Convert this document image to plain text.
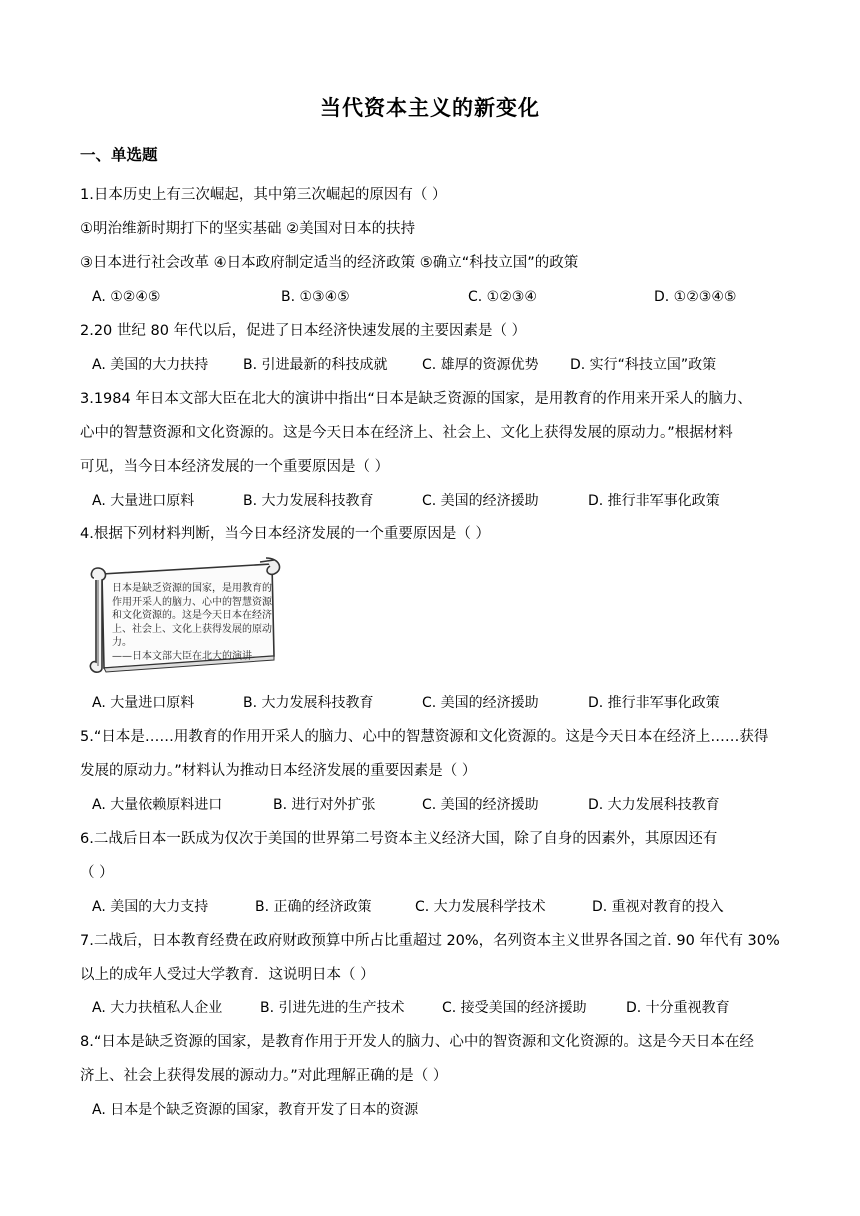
当代资本主义的新变化
一、单选题
1.日本历史上有三次崛起，其中第三次崛起的原因有（ ）
①明治维新时期打下的坚实基础 ②美国对日本的扶持
③日本进行社会改革 ④日本政府制定适当的经济政策 ⑤确立“科技立国”的政策
A. ①②④⑤	B. ①③④⑤	C. ①②③④	D. ①②③④⑤
2.20 世纪 80 年代以后，促进了日本经济快速发展的主要因素是（ ）
A. 美国的大力扶持 B. 引进最新的科技成就 C. 雄厚的资源优势 D. 实行“科技立国”政策
3.1984 年日本文部大臣在北大的演讲中指出“日本是缺乏资源的国家，是用教育的作用来开采人的脑力、
心中的智慧资源和文化资源的。这是今天日本在经济上、社会上、文化上获得发展的原动力。”根据材料
可见，当今日本经济发展的一个重要原因是（ ）
A. 大量进口原料	B. 大力发展科技教育	C. 美国的经济援助	D. 推行非军事化政策
4.根据下列材料判断，当今日本经济发展的一个重要原因是（ ）
日本是缺乏资源的国家，是用教育的作用开采人的脑力、心中的智慧资源和文化资源的。这是今天日本在经济上、社会上、文化上获得发展的原动力。
——日本文部大臣在北大的演讲
A. 大量进口原料	B. 大力发展科技教育	C. 美国的经济援助	D. 推行非军事化政策
5.“日本是……用教育的作用开采人的脑力、心中的智慧资源和文化资源的。这是今天日本在经济上……获得
发展的原动力。”材料认为推动日本经济发展的重要因素是（ ）
A. 大量依赖原料进口	B. 进行对外扩张	C. 美国的经济援助	D. 大力发展科技教育
6.二战后日本一跃成为仅次于美国的世界第二号资本主义经济大国，除了自身的因素外，其原因还有
（ ）
A. 美国的大力支持	B. 正确的经济政策	C. 大力发展科学技术	D. 重视对教育的投入
7.二战后，日本教育经费在政府财政预算中所占比重超过 20%，名列资本主义世界各国之首. 90 年代有 30%
以上的成年人受过大学教育．这说明日本（ ）
A. 大力扶植私人企业	B. 引进先进的生产技术	C. 接受美国的经济援助	D. 十分重视教育
8.“日本是缺乏资源的国家，是教育作用于开发人的脑力、心中的智资源和文化资源的。这是今天日本在经
济上、社会上获得发展的源动力。”对此理解正确的是（ ）
A. 日本是个缺乏资源的国家，教育开发了日本的资源
